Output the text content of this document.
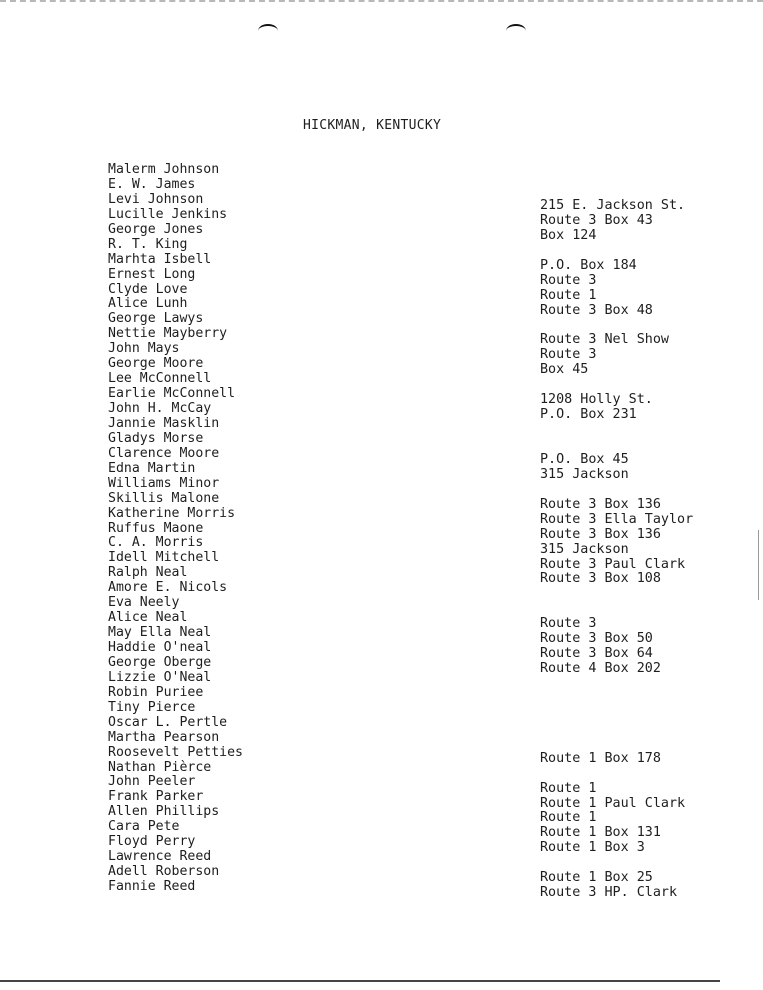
HICKMAN, KENTUCKY
Malerm Johnson
E. W. James
Levi Johnson
Lucille Jenkins
George Jones
R. T. King
Marhta Isbell
Ernest Long
Clyde Love
Alice Lunh
George Lawys
Nettie Mayberry
John Mays
George Moore
Lee McConnell
Earlie McConnell
John H. McCay
Jannie Masklin
Gladys Morse
Clarence Moore
Edna Martin
Williams Minor
Skillis Malone
Katherine Morris
Ruffus Maone
C. A. Morris
Idell Mitchell
Ralph Neal
Amore E. Nicols
Eva Neely
Alice Neal
May Ella Neal
Haddie O'neal
George Oberge
Lizzie O'Neal
Robin Puriee
Tiny Pierce
Oscar L. Pertle
Martha Pearson
Roosevelt Petties
Nathan Pièrce
John Peeler
Frank Parker
Allen Phillips
Cara Pete
Floyd Perry
Lawrence Reed
Adell Roberson
Fannie Reed
215 E. Jackson St.
Route 3 Box 43
Box 124
P.O. Box 184
Route 3
Route 1
Route 3 Box 48
Route 3 Nel Show
Route 3
Box 45
1208 Holly St.
P.O. Box 231
P.O. Box 45
315 Jackson
Route 3 Box 136
Route 3 Ella Taylor
Route 3 Box 136
315 Jackson
Route 3 Paul Clark
Route 3 Box 108
Route 3
Route 3 Box 50
Route 3 Box 64
Route 4 Box 202
Route 1 Box 178
Route 1
Route 1 Paul Clark
Route 1
Route 1 Box 131
Route 1 Box 3
Route 1 Box 25
Route 3 HP. Clark
